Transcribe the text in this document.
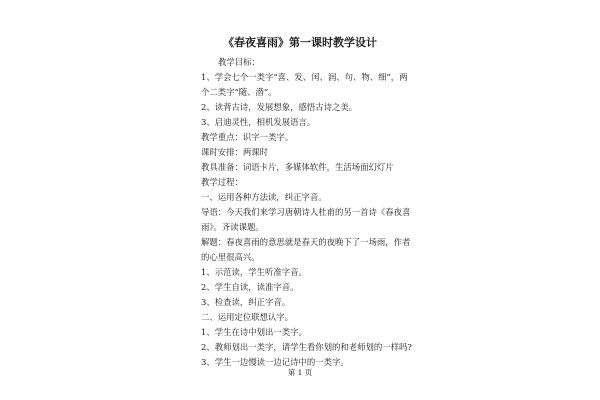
《春夜喜雨》第一课时教学设计
教学目标：
1、学会七个一类字“喜、发、闰、润、句、物、细”，两
个二类字“随、潜”。
2、读背古诗，发展想象，感悟古诗之美。
3、启迪灵性，相机发展语言。
教学重点：识字一类字。
课时安排：两课时
教具准备：词语卡片，多媒体软件，生活场面幻灯片
教学过程：
一、运用各种方法读，纠正字音。
导语：今天我们来学习唐朝诗人杜甫的另一首诗《春夜喜
雨》。齐读课题。
解题：春夜喜雨的意思就是春天的夜晚下了一场雨，作者
的心里很高兴。
1、示范读，学生听准字音。
2、学生自读，读准字音。
3、检查读，纠正字音。
二、运用定位联想认字。
1、学生在诗中划出一类字。
2、教师划出一类字，请学生看你划的和老师划的一样吗?
3、学生一边慢读一边记诗中的一类字。
第 1 页
